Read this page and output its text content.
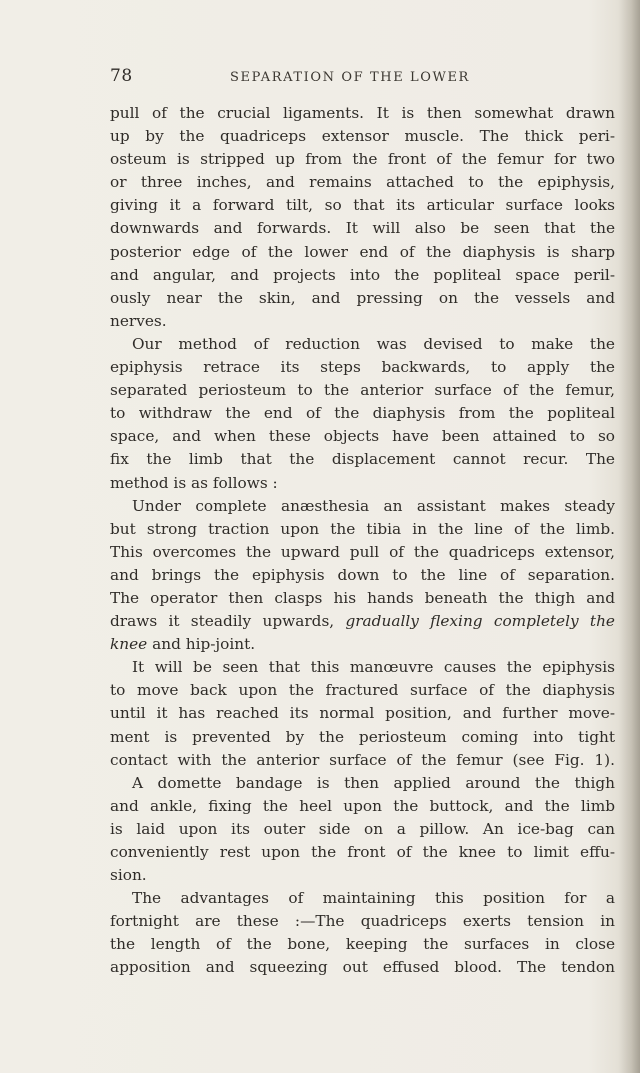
78	SEPARATION OF THE LOWER
pull of the crucial ligaments. It is then somewhat drawn
up by the quadriceps extensor muscle. The thick peri-
osteum is stripped up from the front of the femur for two
or three inches, and remains attached to the epiphysis,
giving it a forward tilt, so that its articular surface looks
downwards and forwards. It will also be seen that the
posterior edge of the lower end of the diaphysis is sharp
and angular, and projects into the popliteal space peril-
ously near the skin, and pressing on the vessels and
nerves.
Our method of reduction was devised to make the
epiphysis retrace its steps backwards, to apply the
separated periosteum to the anterior surface of the femur,
to withdraw the end of the diaphysis from the popliteal
space, and when these objects have been attained to so
fix the limb that the displacement cannot recur. The
method is as follows :
Under complete anæsthesia an assistant makes steady
but strong traction upon the tibia in the line of the limb.
This overcomes the upward pull of the quadriceps extensor,
and brings the epiphysis down to the line of separation.
The operator then clasps his hands beneath the thigh and
draws it steadily upwards, gradually flexing completely the
knee and hip-joint.
It will be seen that this manœuvre causes the epiphysis
to move back upon the fractured surface of the diaphysis
until it has reached its normal position, and further move-
ment is prevented by the periosteum coming into tight
contact with the anterior surface of the femur (see Fig. 1).
A domette bandage is then applied around the thigh
and ankle, fixing the heel upon the buttock, and the limb
is laid upon its outer side on a pillow. An ice-bag can
conveniently rest upon the front of the knee to limit effu-
sion.
The advantages of maintaining this position for a
fortnight are these :—The quadriceps exerts tension in
the length of the bone, keeping the surfaces in close
apposition and squeezing out effused blood. The tendon
